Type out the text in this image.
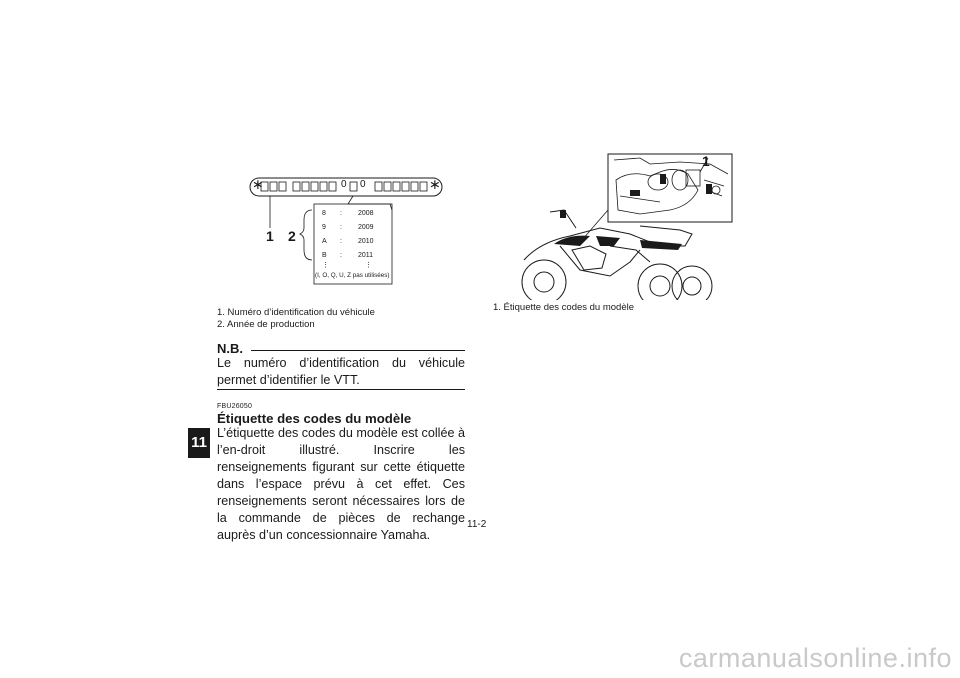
11
∗	0 0	∗
1 2
8 : 2008
9 : 2009
A : 2010
B : 2011
⋮	⋮
(I, O, Q, U, Z pas utilisées)
1. Numéro d’identification du véhicule
2. Année de production
N.B.
Le numéro d’identification du véhicule permet d’identifier le VTT.
FBU26050
Étiquette des codes du modèle
L’étiquette des codes du modèle est collée à l’en-droit illustré. Inscrire les renseignements figurant sur cette étiquette dans l’espace prévu à cet effet. Ces renseignements seront nécessaires lors de la commande de pièces de rechange auprès d’un concessionnaire Yamaha.
11-2
1
1. Étiquette des codes du modèle
carmanualsonline.info
